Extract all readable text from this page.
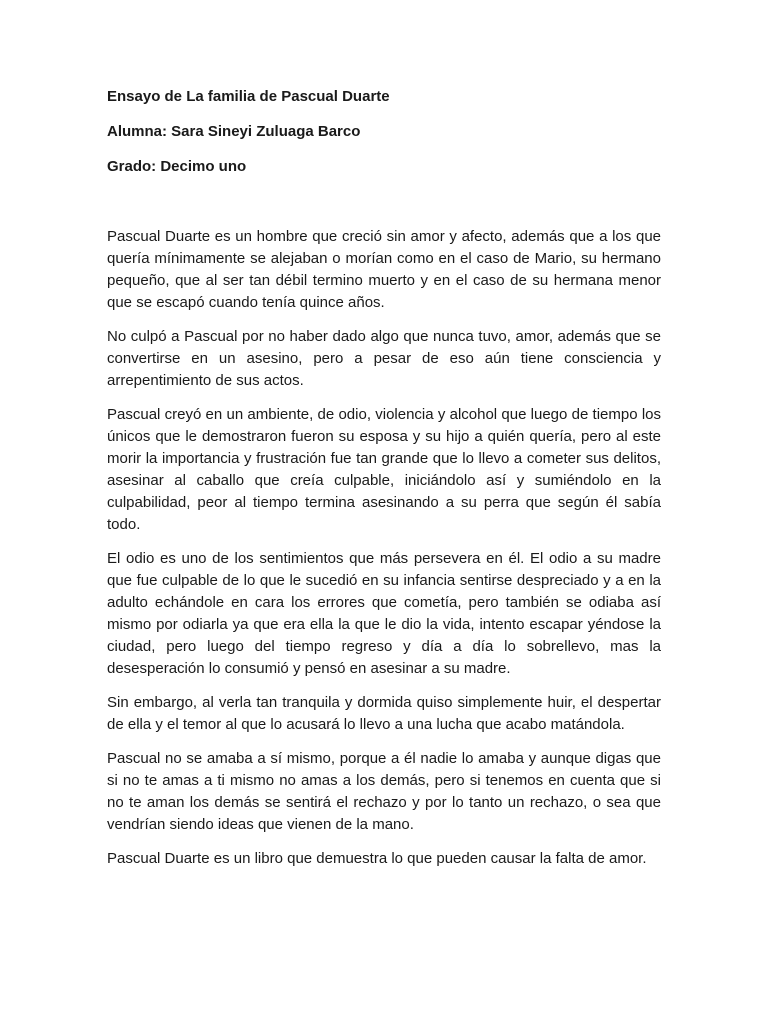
Ensayo de La familia de Pascual Duarte

Alumna: Sara Sineyi Zuluaga Barco

Grado: Decimo uno

Pascual Duarte es un hombre que creció sin amor y afecto, además que a los que quería mínimamente se alejaban o morían como en el caso de Mario, su hermano pequeño, que al ser tan débil termino muerto y en el caso de su hermana menor que se escapó cuando tenía quince años.

No culpó a Pascual por no haber dado algo que nunca tuvo, amor, además que se convertirse en un asesino, pero a pesar de eso aún tiene consciencia y arrepentimiento de sus actos.

Pascual creyó en un ambiente, de odio, violencia y alcohol que luego de tiempo los únicos que le demostraron fueron su esposa y su hijo a quién quería, pero al este morir la importancia y frustración fue tan grande que lo llevo a cometer sus delitos, asesinar al caballo que creía culpable, iniciándolo así y sumiéndolo en la culpabilidad, peor al tiempo termina asesinando a su perra que según él sabía todo.

El odio es uno de los sentimientos que más persevera en él. El odio a su madre que fue culpable de lo que le sucedió en su infancia sentirse despreciado y a en la adulto echándole en cara los errores que cometía, pero también se odiaba así mismo por odiarla ya que era ella la que le dio la vida, intento escapar yéndose la ciudad, pero luego del tiempo regreso y día a día lo sobrellevo, mas la desesperación lo consumió y pensó en asesinar a su madre.

Sin embargo, al verla tan tranquila y dormida quiso simplemente huir, el despertar de ella y el temor al que lo acusará lo llevo a una lucha que acabo matándola.

Pascual no se amaba a sí mismo, porque a él nadie lo amaba y aunque digas que si no te amas a ti mismo no amas a los demás, pero si tenemos en cuenta que si no te aman los demás se sentirá el rechazo y por lo tanto un rechazo, o sea que vendrían siendo ideas que vienen de la mano.

Pascual Duarte es un libro que demuestra lo que pueden causar la falta de amor.
